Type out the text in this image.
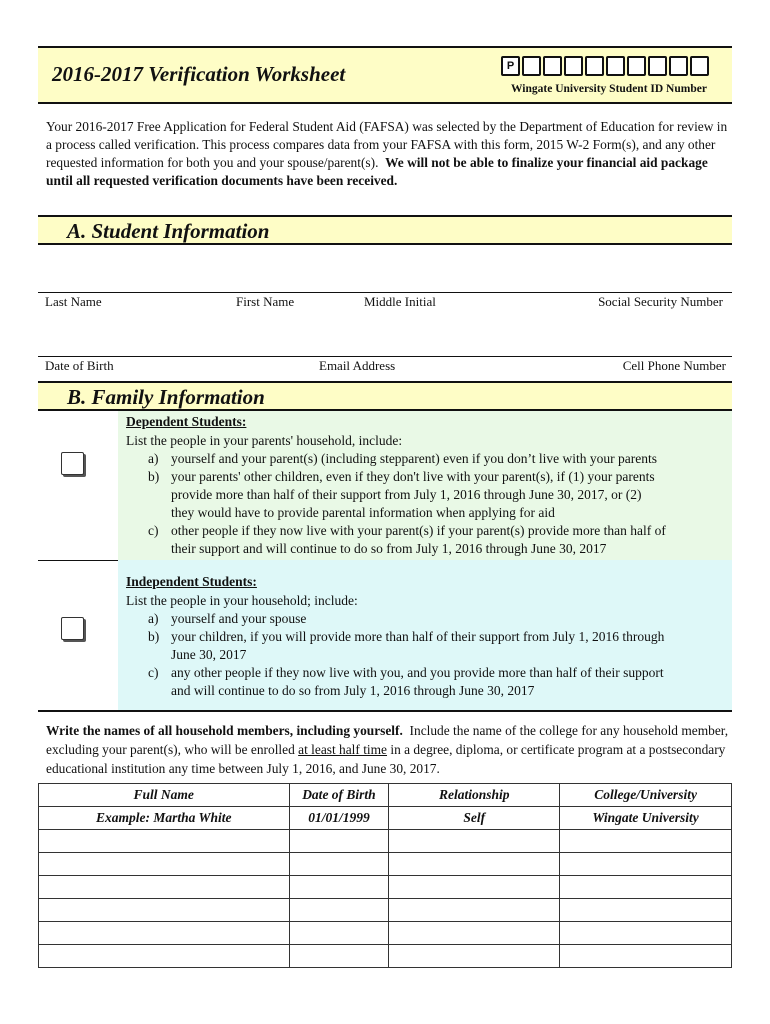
2016-2017 Verification Worksheet	P
Wingate University Student ID Number
Your 2016-2017 Free Application for Federal Student Aid (FAFSA) was selected by the Department of Education for review in a process called verification. This process compares data from your FAFSA with this form, 2015 W-2 Form(s), and any other requested information for both you and your spouse/parent(s). We will not be able to finalize your financial aid package until all requested verification documents have been received.
A. Student Information
Last Name	First Name	Middle Initial	Social Security Number
Date of Birth	Email Address	Cell Phone Number
B. Family Information
Dependent Students:
List the people in your parents' household, include:
a) yourself and your parent(s) (including stepparent) even if you don’t live with your parents
b) your parents' other children, even if they don't live with your parent(s), if (1) your parents
provide more than half of their support from July 1, 2016 through June 30, 2017, or (2)
they would have to provide parental information when applying for aid
c) other people if they now live with your parent(s) if your parent(s) provide more than half of
their support and will continue to do so from July 1, 2016 through June 30, 2017
Independent Students:
List the people in your household; include:
a) yourself and your spouse
b) your children, if you will provide more than half of their support from July 1, 2016 through
June 30, 2017
c) any other people if they now live with you, and you provide more than half of their support
and will continue to do so from July 1, 2016 through June 30, 2017
Write the names of all household members, including yourself. Include the name of the college for any household member, excluding your parent(s), who will be enrolled at least half time in a degree, diploma, or certificate program at a postsecondary educational institution any time between July 1, 2016, and June 30, 2017.
Full Name	Date of Birth	Relationship	College/University
Example: Martha White	01/01/1999	Self	Wingate University
